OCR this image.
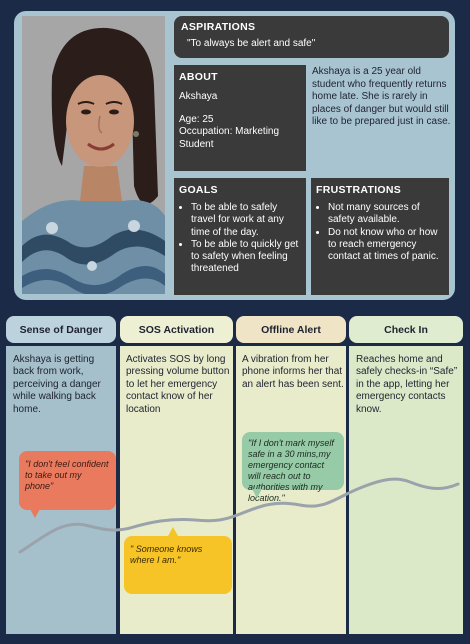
ASPIRATIONS
"To always be alert and safe"
ABOUT
Akshaya
Age: 25
Occupation: Marketing Student
Akshaya is a 25 year old student who frequently returns home late. She is rarely in places of danger but would still like to be prepared just in case.
GOALS
• To be able to safely travel for work at any time of the day.
• To be able to quickly get to safety when feeling threatened
FRUSTRATIONS
• Not many sources of safety available.
• Do not know who or how to reach emergency contact at times of panic.
Sense of Danger	SOS Activation	Offline Alert	Check In
Akshaya is getting back from work, perceiving a danger while walking back home.
Activates SOS by long pressing volume button to let her emergency contact know of her location
A vibration from her phone informs her that an alert has been sent.
Reaches home and safely checks-in “Safe” in the app, letting her emergency contacts know.
"I don't feel confident to take out my phone"
" Someone knows where I am."
"If I don't mark myself safe in a 30 mins,my emergency contact will reach out to authorities with my location."
